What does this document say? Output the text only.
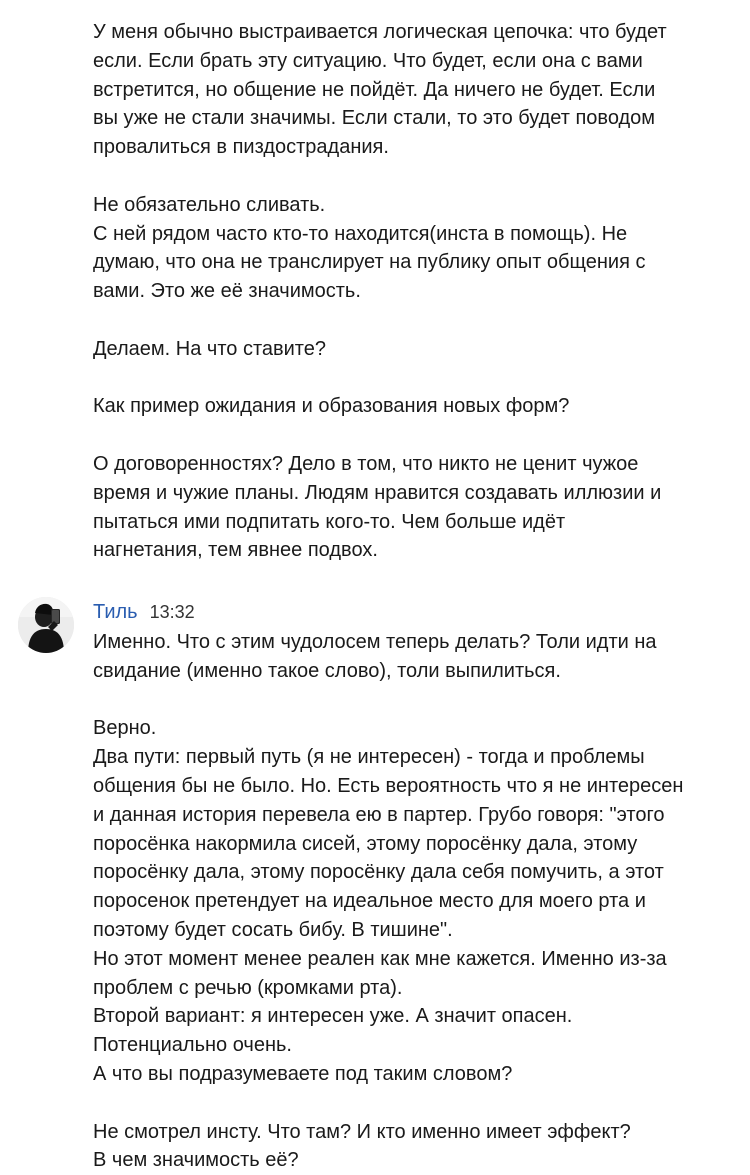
У меня обычно выстраивается логическая цепочка: что будет
если. Если брать эту ситуацию. Что будет, если она с вами
встретится, но общение не пойдёт. Да ничего не будет. Если
вы уже не стали значимы. Если стали, то это будет поводом
провалиться в пиздострадания.
Не обязательно сливать.
С ней рядом часто кто-то находится(инста в помощь). Не
думаю, что она не транслирует на публику опыт общения с
вами. Это же её значимость.
Делаем. На что ставите?
Как пример ожидания и образования новых форм?
О договоренностях? Дело в том, что никто не ценит чужое
время и чужие планы. Людям нравится создавать иллюзии и
пытаться ими подпитать кого-то. Чем больше идёт
нагнетания, тем явнее подвох.
Тиль 13:32
Именно. Что с этим чудолосем теперь делать? Толи идти на
свидание (именно такое слово), толи выпилиться.
Верно.
Два пути: первый путь (я не интересен) - тогда и проблемы
общения бы не было. Но. Есть вероятность что я не интересен
и данная история перевела ею в партер. Грубо говоря: "этого
поросёнка накормила сисей, этому поросёнку дала, этому
поросёнку дала, этому поросёнку дала себя помучить, а этот
поросенок претендует на идеальное место для моего рта и
поэтому будет сосать бибу. В тишине".
Но этот момент менее реален как мне кажется. Именно из-за
проблем с речью (кромками рта).
Второй вариант: я интересен уже. А значит опасен.
Потенциально очень.
А что вы подразумеваете под таким словом?
Не смотрел инсту. Что там? И кто именно имеет эффект?
В чем значимость её?
